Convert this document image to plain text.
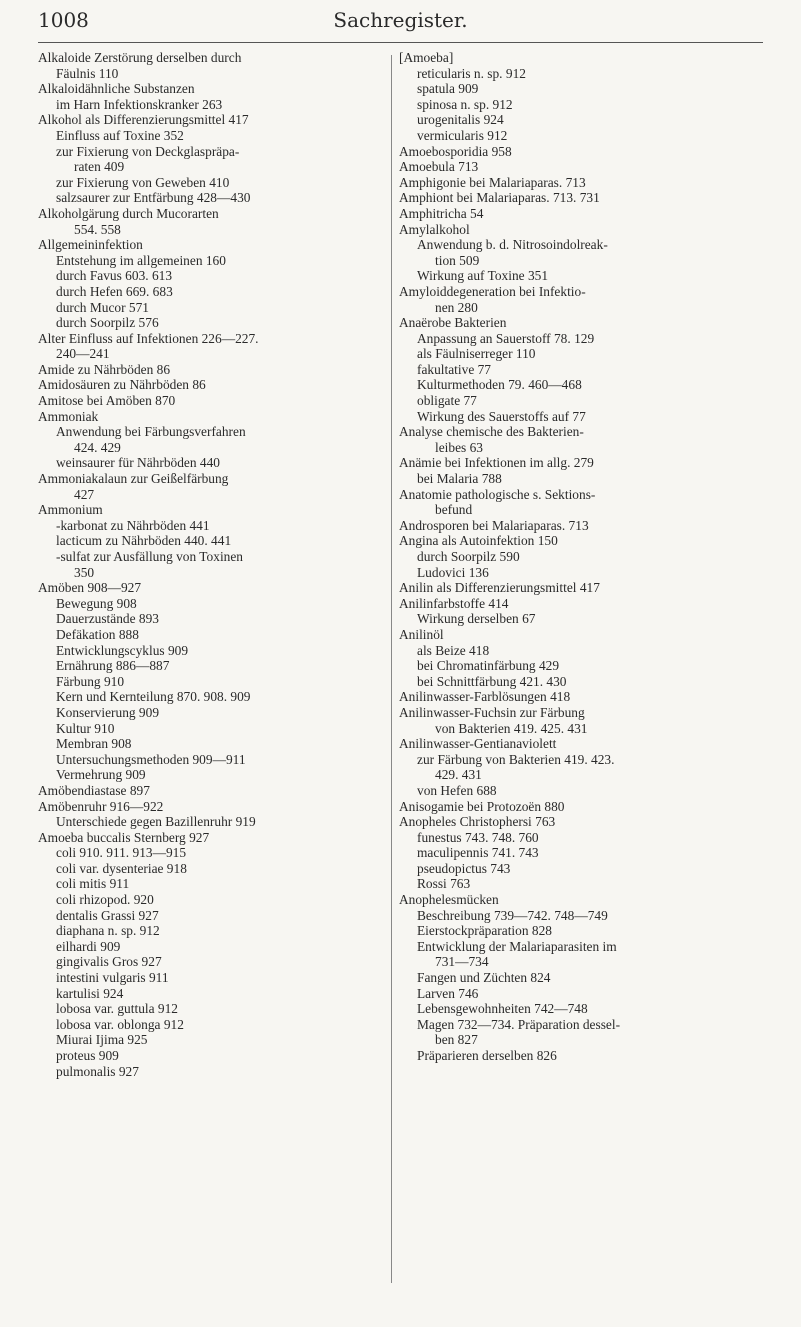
1008	Sachregister.
Alkaloide Zerstörung derselben durch
Fäulnis 110
Alkaloidähnliche Substanzen
im Harn Infektionskranker 263
Alkohol als Differenzierungsmittel 417
Einfluss auf Toxine 352
zur Fixierung von Deckglaspräpa-
raten 409
zur Fixierung von Geweben 410
salzsaurer zur Entfärbung 428—430
Alkoholgärung durch Mucorarten
554. 558
Allgemeininfektion
Entstehung im allgemeinen 160
durch Favus 603. 613
durch Hefen 669. 683
durch Mucor 571
durch Soorpilz 576
Alter Einfluss auf Infektionen 226—227.
240—241
Amide zu Nährböden 86
Amidosäuren zu Nährböden 86
Amitose bei Amöben 870
Ammoniak
Anwendung bei Färbungsverfahren
424. 429
weinsaurer für Nährböden 440
Ammoniakalaun zur Geißelfärbung
427
Ammonium
-karbonat zu Nährböden 441
lacticum zu Nährböden 440. 441
-sulfat zur Ausfällung von Toxinen
350
Amöben 908—927
Bewegung 908
Dauerzustände 893
Defäkation 888
Entwicklungscyklus 909
Ernährung 886—887
Färbung 910
Kern und Kernteilung 870. 908. 909
Konservierung 909
Kultur 910
Membran 908
Untersuchungsmethoden 909—911
Vermehrung 909
Amöbendiastase 897
Amöbenruhr 916—922
Unterschiede gegen Bazillenruhr 919
Amoeba buccalis Sternberg 927
coli 910. 911. 913—915
coli var. dysenteriae 918
coli mitis 911
coli rhizopod. 920
dentalis Grassi 927
diaphana n. sp. 912
eilhardi 909
gingivalis Gros 927
intestini vulgaris 911
kartulisi 924
lobosa var. guttula 912
lobosa var. oblonga 912
Miurai Ijima 925
proteus 909
pulmonalis 927
[Amoeba]
reticularis n. sp. 912
spatula 909
spinosa n. sp. 912
urogenitalis 924
vermicularis 912
Amoebosporidia 958
Amoebula 713
Amphigonie bei Malariaparas. 713
Amphiont bei Malariaparas. 713. 731
Amphitricha 54
Amylalkohol
Anwendung b. d. Nitrosoindolreak-
tion 509
Wirkung auf Toxine 351
Amyloiddegeneration bei Infektio-
nen 280
Anaërobe Bakterien
Anpassung an Sauerstoff 78. 129
als Fäulniserreger 110
fakultative 77
Kulturmethoden 79. 460—468
obligate 77
Wirkung des Sauerstoffs auf 77
Analyse chemische des Bakterien-
leibes 63
Anämie bei Infektionen im allg. 279
bei Malaria 788
Anatomie pathologische s. Sektions-
befund
Androsporen bei Malariaparas. 713
Angina als Autoinfektion 150
durch Soorpilz 590
Ludovici 136
Anilin als Differenzierungsmittel 417
Anilinfarbstoffe 414
Wirkung derselben 67
Anilinöl
als Beize 418
bei Chromatinfärbung 429
bei Schnittfärbung 421. 430
Anilinwasser-Farblösungen 418
Anilinwasser-Fuchsin zur Färbung
von Bakterien 419. 425. 431
Anilinwasser-Gentianaviolett
zur Färbung von Bakterien 419. 423.
429. 431
von Hefen 688
Anisogamie bei Protozoën 880
Anopheles Christophersi 763
funestus 743. 748. 760
maculipennis 741. 743
pseudopictus 743
Rossi 763
Anophelesmücken
Beschreibung 739—742. 748—749
Eierstockpräparation 828
Entwicklung der Malariaparasiten im
731—734
Fangen und Züchten 824
Larven 746
Lebensgewohnheiten 742—748
Magen 732—734. Präparation dessel-
ben 827
Präparieren derselben 826
